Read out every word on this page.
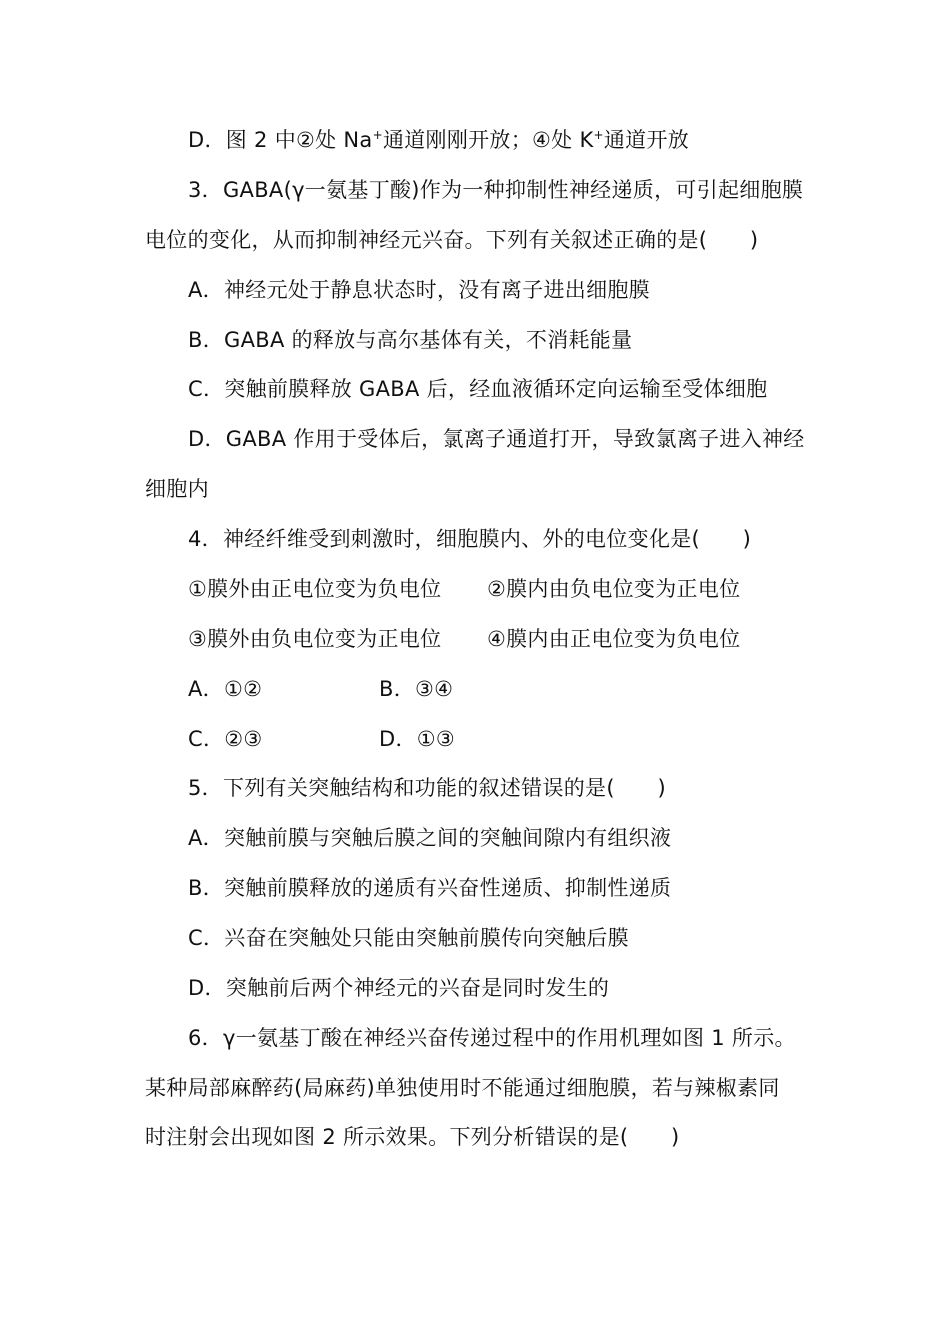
D．图 2 中②处 Na+通道刚刚开放；④处 K+通道开放
3．GABA(γ一氨基丁酸)作为一种抑制性神经递质，可引起细胞膜
电位的变化，从而抑制神经元兴奋。下列有关叙述正确的是(　　)
A．神经元处于静息状态时，没有离子进出细胞膜
B．GABA 的释放与高尔基体有关，不消耗能量
C．突触前膜释放 GABA 后，经血液循环定向运输至受体细胞
D．GABA 作用于受体后，氯离子通道打开，导致氯离子进入神经
细胞内
4．神经纤维受到刺激时，细胞膜内、外的电位变化是(　　)
①膜外由正电位变为负电位 ②膜内由负电位变为正电位
③膜外由负电位变为正电位 ④膜内由正电位变为负电位
A．①②	B．③④
C．②③	D．①③
5．下列有关突触结构和功能的叙述错误的是(　　)
A．突触前膜与突触后膜之间的突触间隙内有组织液
B．突触前膜释放的递质有兴奋性递质、抑制性递质
C．兴奋在突触处只能由突触前膜传向突触后膜
D．突触前后两个神经元的兴奋是同时发生的
6．γ一氨基丁酸在神经兴奋传递过程中的作用机理如图 1 所示。
某种局部麻醉药(局麻药)单独使用时不能通过细胞膜，若与辣椒素同
时注射会出现如图 2 所示效果。下列分析错误的是(　　)
